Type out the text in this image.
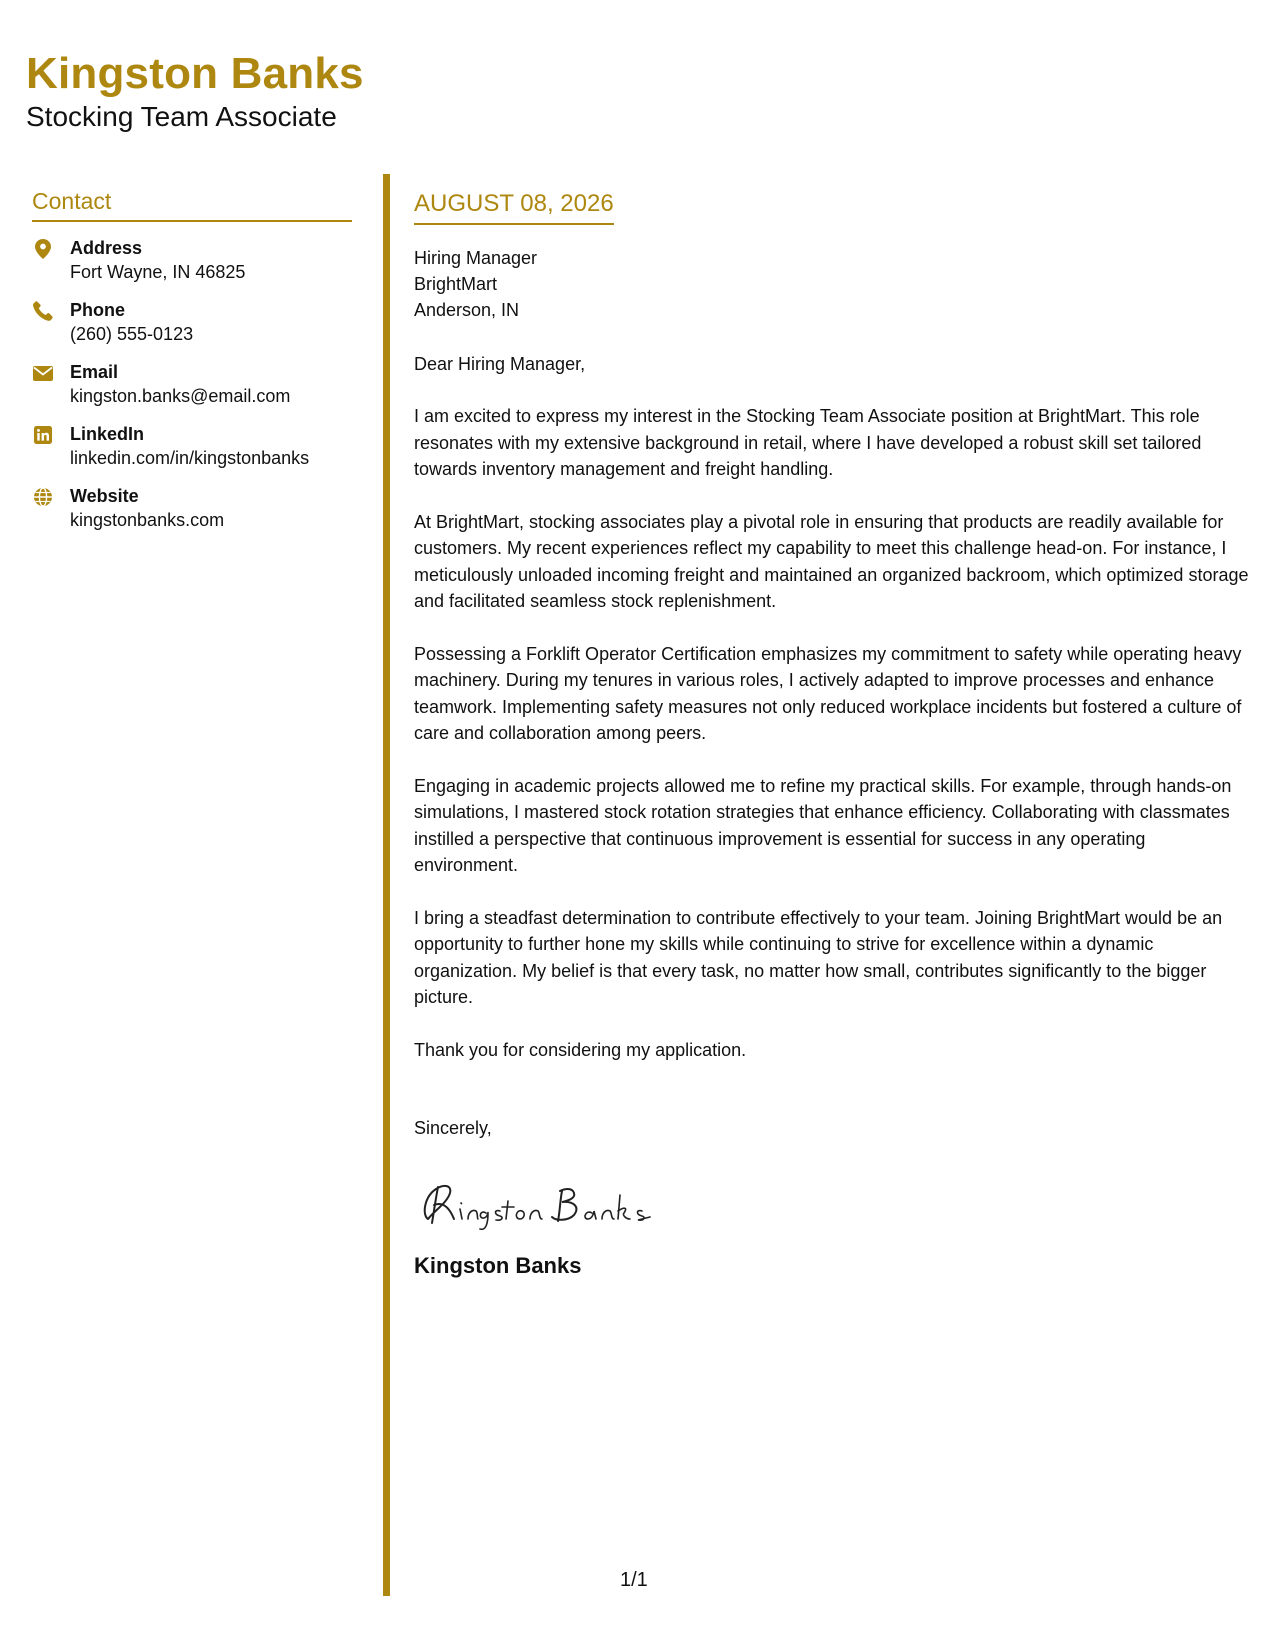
Kingston Banks
Stocking Team Associate
Contact
Address
Fort Wayne, IN 46825
Phone
(260) 555-0123
Email
kingston.banks@email.com
LinkedIn
linkedin.com/in/kingstonbanks
Website
kingstonbanks.com
AUGUST 08, 2026
Hiring Manager
BrightMart
Anderson, IN
Dear Hiring Manager,

I am excited to express my interest in the Stocking Team Associate position at BrightMart. This role resonates with my extensive background in retail, where I have developed a robust skill set tailored towards inventory management and freight handling.

At BrightMart, stocking associates play a pivotal role in ensuring that products are readily available for customers. My recent experiences reflect my capability to meet this challenge head-on. For instance, I meticulously unloaded incoming freight and maintained an organized backroom, which optimized storage and facilitated seamless stock replenishment.

Possessing a Forklift Operator Certification emphasizes my commitment to safety while operating heavy machinery. During my tenures in various roles, I actively adapted to improve processes and enhance teamwork. Implementing safety measures not only reduced workplace incidents but fostered a culture of care and collaboration among peers.

Engaging in academic projects allowed me to refine my practical skills. For example, through hands-on simulations, I mastered stock rotation strategies that enhance efficiency. Collaborating with classmates instilled a perspective that continuous improvement is essential for success in any operating environment.

I bring a steadfast determination to contribute effectively to your team. Joining BrightMart would be an opportunity to further hone my skills while continuing to strive for excellence within a dynamic organization. My belief is that every task, no matter how small, contributes significantly to the bigger picture.

Thank you for considering my application.

Sincerely,
Kingston Banks
1/1
